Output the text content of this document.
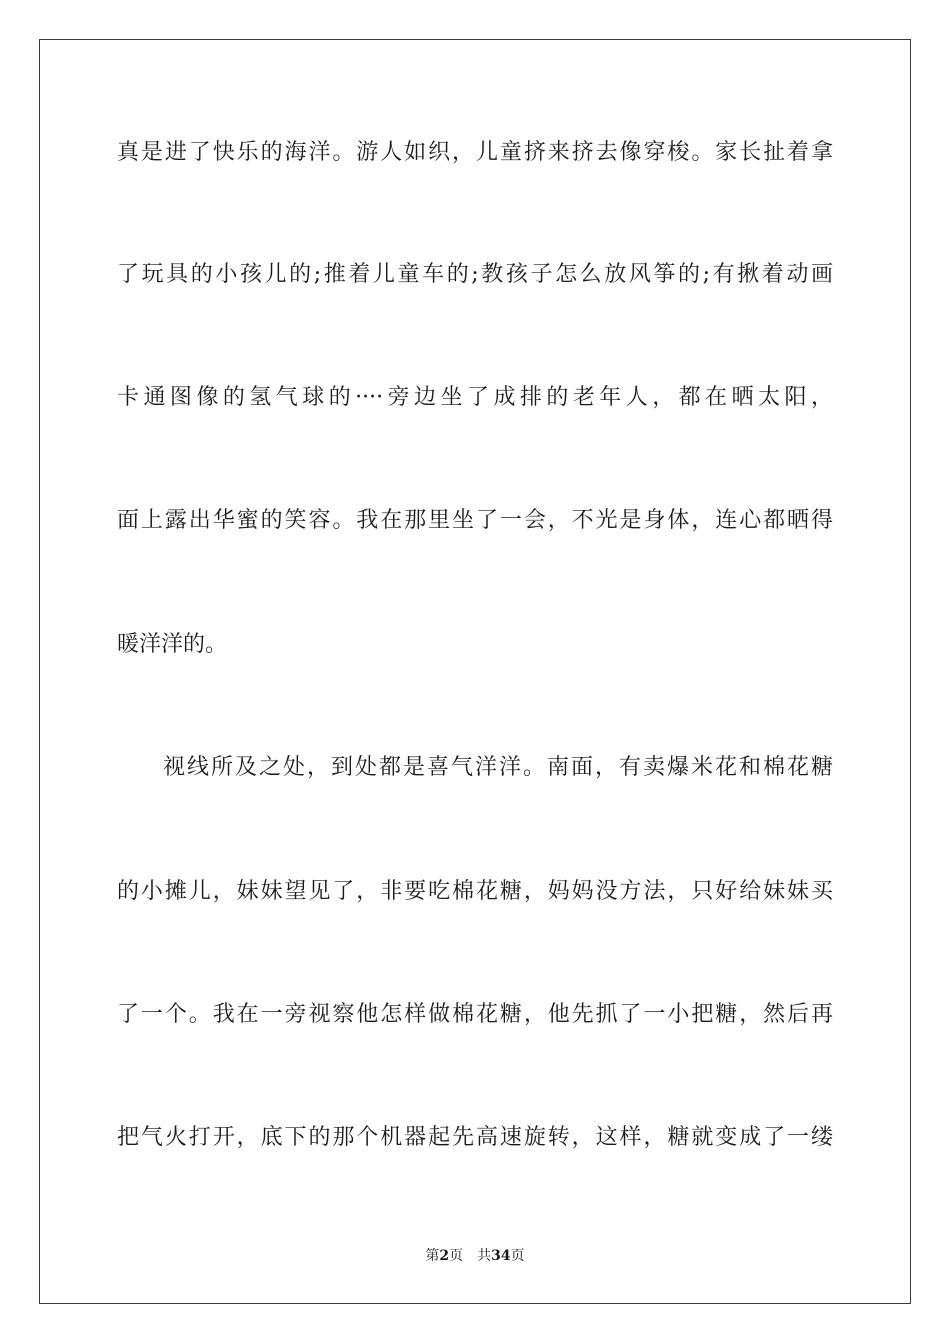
真是进了快乐的海洋。游人如织，儿童挤来挤去像穿梭。家长扯着拿
了玩具的小孩儿的;推着儿童车的;教孩子怎么放风筝的;有揪着动画
卡通图像的氢气球的····旁边坐了成排的老年人，都在晒太阳，
面上露出华蜜的笑容。我在那里坐了一会，不光是身体，连心都晒得
暖洋洋的。
视线所及之处，到处都是喜气洋洋。南面，有卖爆米花和棉花糖
的小摊儿，妹妹望见了，非要吃棉花糖，妈妈没方法，只好给妹妹买
了一个。我在一旁视察他怎样做棉花糖，他先抓了一小把糖，然后再
把气火打开，底下的那个机器起先高速旋转，这样，糖就变成了一缕
第2页 共34页
